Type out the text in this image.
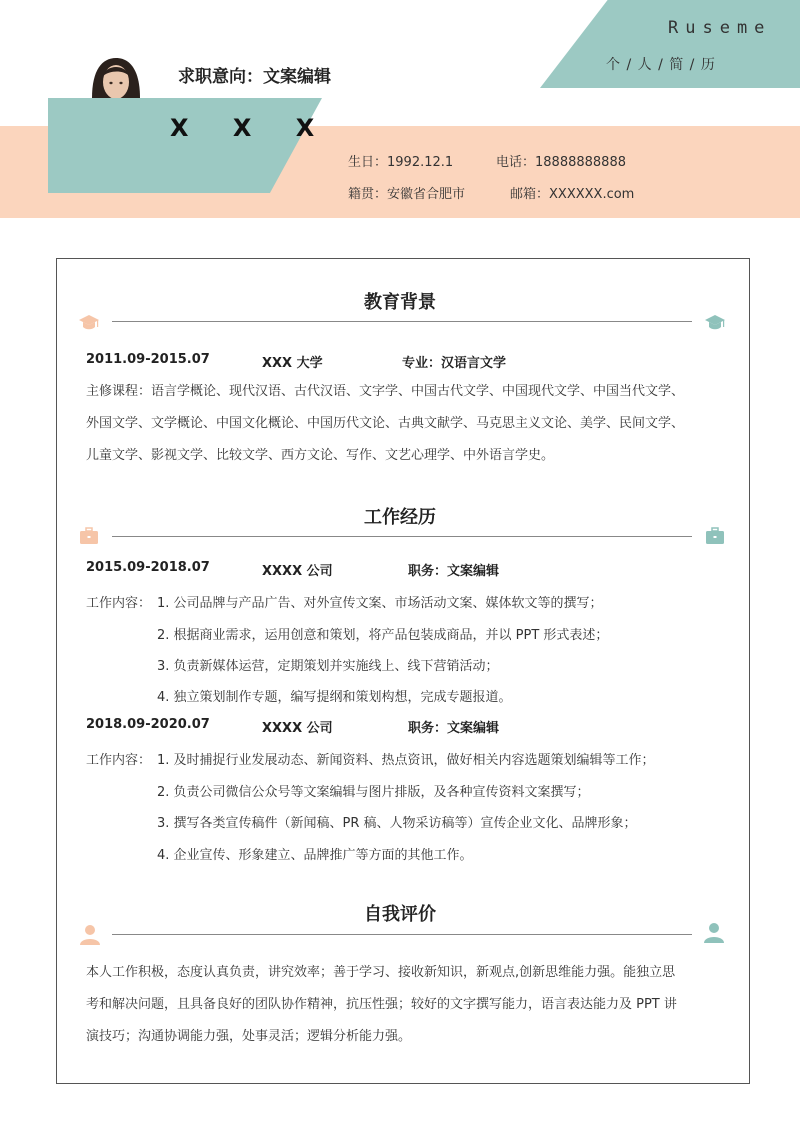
Ruseme
个 / 人 / 简 / 历
求职意向：文案编辑
X X X
生日：1992.12.1	电话：18888888888
籍贯：安徽省合肥市	邮箱：XXXXXX.com
教育背景
2011.09-2015.07	XXX 大学	专业：汉语言文学
主修课程：语言学概论、现代汉语、古代汉语、文字学、中国古代文学、中国现代文学、中国当代文学、
外国文学、文学概论、中国文化概论、中国历代文论、古典文献学、马克思主义文论、美学、民间文学、
儿童文学、影视文学、比较文学、西方文论、写作、文艺心理学、中外语言学史。
工作经历
2015.09-2018.07	XXXX 公司	职务：文案编辑
工作内容： 1. 公司品牌与产品广告、对外宣传文案、市场活动文案、媒体软文等的撰写；
2. 根据商业需求，运用创意和策划，将产品包装成商品，并以 PPT 形式表述；
3. 负责新媒体运营，定期策划并实施线上、线下营销活动；
4. 独立策划制作专题，编写提纲和策划构想，完成专题报道。
2018.09-2020.07	XXXX 公司	职务：文案编辑
工作内容： 1. 及时捕捉行业发展动态、新闻资料、热点资讯，做好相关内容选题策划编辑等工作；
2. 负责公司微信公众号等文案编辑与图片排版，及各种宣传资料文案撰写；
3. 撰写各类宣传稿件（新闻稿、PR 稿、人物采访稿等）宣传企业文化、品牌形象；
4. 企业宣传、形象建立、品牌推广等方面的其他工作。
自我评价
本人工作积极，态度认真负责，讲究效率；善于学习、接收新知识，新观点,创新思维能力强。能独立思
考和解决问题，且具备良好的团队协作精神，抗压性强；较好的文字撰写能力，语言表达能力及 PPT 讲
演技巧；沟通协调能力强，处事灵活；逻辑分析能力强。
